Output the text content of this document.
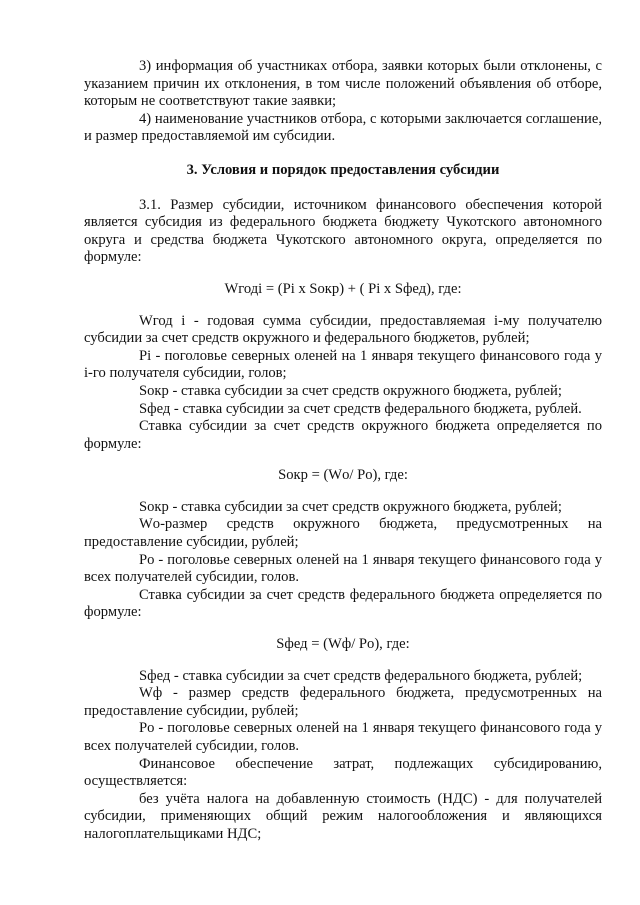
3) информация об участниках отбора, заявки которых были отклонены, с указанием причин их отклонения, в том числе положений объявления об отборе, которым не соответствуют такие заявки;

4) наименование участников отбора, с которыми заключается соглашение, и размер предоставляемой им субсидии.

3. Условия и порядок предоставления субсидии

3.1. Размер субсидии, источником финансового обеспечения которой является субсидия из федерального бюджета бюджету Чукотского автономного округа и средства бюджета Чукотского автономного округа, определяется по формуле:

Wгодi = (Pi x Sокр) + ( Pi x Sфед), где:

Wгод i - годовая сумма субсидии, предоставляемая i-му получателю субсидии за счет средств окружного и федерального бюджетов, рублей;

Pi - поголовье северных оленей на 1 января текущего финансового года у i-го получателя субсидии, голов;

Sокр - ставка субсидии за счет средств окружного бюджета, рублей;

Sфед - ставка субсидии за счет средств федерального бюджета, рублей.

Ставка субсидии за счет средств окружного бюджета определяется по формуле:

Sокр = (Wо/ Pо), где:

Sокр - ставка субсидии за счет средств окружного бюджета, рублей;

Wо-размер средств окружного бюджета, предусмотренных на предоставление субсидии, рублей;

Pо - поголовье северных оленей на 1 января текущего финансового года у всех получателей субсидии, голов.

Ставка субсидии за счет средств федерального бюджета определяется по формуле:

Sфед = (Wф/ Pо), где:

Sфед - ставка субсидии за счет средств федерального бюджета, рублей;

Wф - размер средств федерального бюджета, предусмотренных на предоставление субсидии, рублей;

Pо - поголовье северных оленей на 1 января текущего финансового года у всех получателей субсидии, голов.

Финансовое обеспечение затрат, подлежащих субсидированию, осуществляется:

без учёта налога на добавленную стоимость (НДС) - для получателей субсидии, применяющих общий режим налогообложения и являющихся налогоплательщиками НДС;
